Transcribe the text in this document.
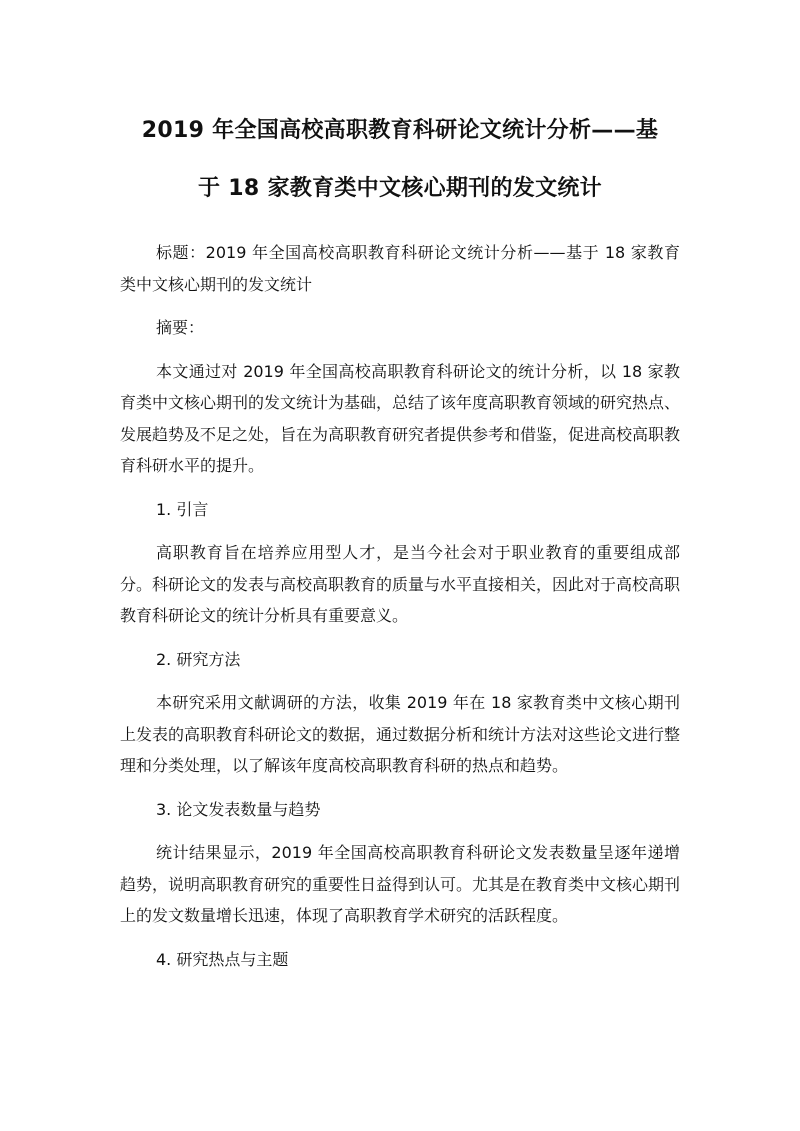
2019 年全国高校高职教育科研论文统计分析——基
于 18 家教育类中文核心期刊的发文统计

标题：2019 年全国高校高职教育科研论文统计分析——基于 18 家教育类中文核心期刊的发文统计

摘要：

本文通过对 2019 年全国高校高职教育科研论文的统计分析，以 18 家教育类中文核心期刊的发文统计为基础，总结了该年度高职教育领域的研究热点、发展趋势及不足之处，旨在为高职教育研究者提供参考和借鉴，促进高校高职教育科研水平的提升。

1. 引言

高职教育旨在培养应用型人才，是当今社会对于职业教育的重要组成部分。科研论文的发表与高校高职教育的质量与水平直接相关，因此对于高校高职教育科研论文的统计分析具有重要意义。

2. 研究方法

本研究采用文献调研的方法，收集 2019 年在 18 家教育类中文核心期刊上发表的高职教育科研论文的数据，通过数据分析和统计方法对这些论文进行整理和分类处理，以了解该年度高校高职教育科研的热点和趋势。

3. 论文发表数量与趋势

统计结果显示，2019 年全国高校高职教育科研论文发表数量呈逐年递增趋势，说明高职教育研究的重要性日益得到认可。尤其是在教育类中文核心期刊上的发文数量增长迅速，体现了高职教育学术研究的活跃程度。

4. 研究热点与主题
